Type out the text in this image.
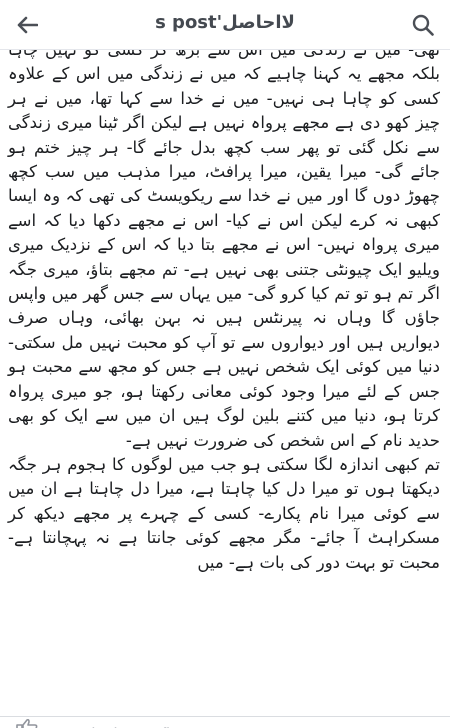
لااحاصل's post

بلکہ مجھے یہ کہنا چاہیے کہ میں نے زندگی میں اس کے علاوہ کسی کو چاہا ہی نہیں- میں نے خدا سے کہا تھا، میں نے ہر چیز کھو دی ہے مجھے پرواہ نہیں ہے لیکن اگر ٹینا میری زندگی سے نکل گئی تو پھر سب کچھ بدل جائے گا- ہر چیز ختم ہو جائے گی- میرا یقین، میرا پرافٹ، میرا مذہب میں سب کچھ چھوڑ دوں گا اور میں نے خدا سے ریکویسٹ کی تھی کہ وہ ایسا کبھی نہ کرے لیکن اس نے کیا- اس نے مجھے دکھا دیا کہ اسے میری پرواہ نہیں- اس نے مجھے بتا دیا کہ اس کے نزدیک میری ویلیو ایک چیونٹی جتنی بھی نہیں ہے- تم مجھے بتاؤ، میری جگہ اگر تم ہو تو تم کیا کرو گی- میں یہاں سے جس گھر میں واپس جاؤں گا وہاں نہ پیرنٹس ہیں نہ بہن بھائی، وہاں صرف دیواریں ہیں اور دیواروں سے تو آپ کو محبت نہیں مل سکتی- دنیا میں کوئی ایک شخص نہیں ہے جس کو مجھ سے محبت ہو جس کے لئے میرا وجود کوئی معانی رکھتا ہو، جو میری پرواہ کرتا ہو، دنیا میں کتنے بلین لوگ ہیں ان میں سے ایک کو بھی حدید نام کے اس شخص کی ضرورت نہیں ہے-

تم کبھی اندازہ لگا سکتی ہو جب میں لوگوں کا ہجوم ہر جگہ دیکھتا ہوں تو میرا دل کیا چاہتا ہے، میرا دل چاہتا ہے ان میں سے کوئی میرا نام پکارے- کسی کے چہرے پر مجھے دیکھ کر مسکراہٹ آ جائے- مگر مجھے کوئی جانتا ہے نہ پہچانتا ہے- محبت تو بہت دور کی بات ہے- میں

Submit your first
